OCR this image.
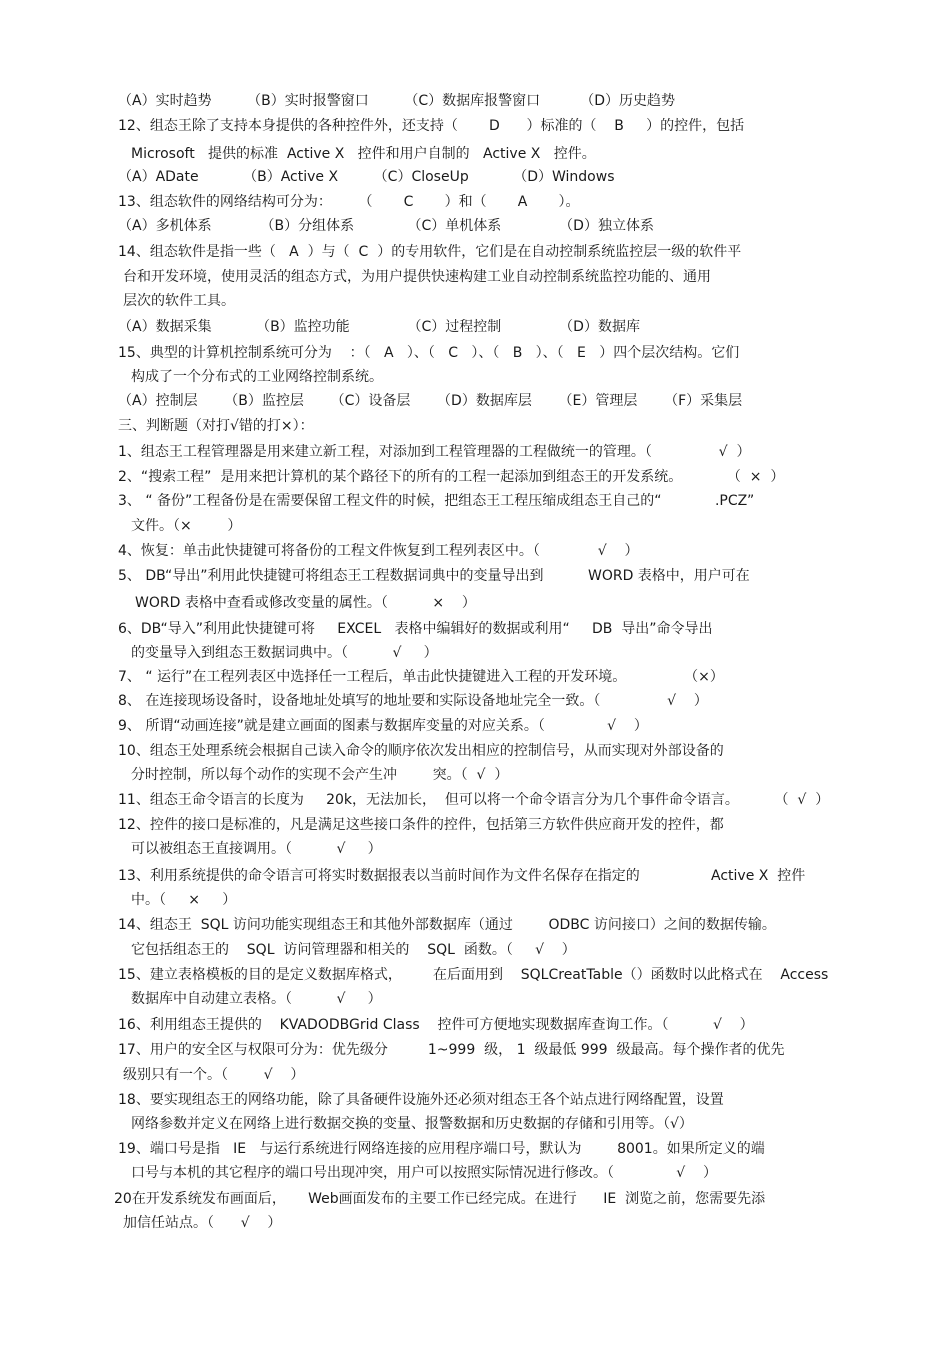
（A）实时趋势        （B）实时报警窗口        （C）数据库报警窗口         （D）历史趋势
12、组态王除了支持本身提供的各种控件外，还支持（       D      ）标准的（    B     ）的控件，包括
Microsoft   提供的标准  Active X   控件和用户自制的   Active X   控件。
（A）ADate          （B）Active X        （C）CloseUp          （D）Windows
13、组态软件的网络结构可分为：      （       C       ）和（       A       ）。
（A）多机体系           （B）分组体系            （C）单机体系             （D）独立体系
14、组态软件是指一些（   A  ）与（  C  ）的专用软件，它们是在自动控制系统监控层一级的软件平
台和开发环境，使用灵活的组态方式，为用户提供快速构建工业自动控制系统监控功能的、通用
层次的软件工具。
（A）数据采集          （B）监控功能             （C）过程控制             （D）数据库
15、典型的计算机控制系统可分为    ：（   A   ）、（   C   ）、（   B   ）、（   E   ）四个层次结构。它们
构成了一个分布式的工业网络控制系统。
（A）控制层      （B）监控层      （C）设备层      （D）数据库层      （E）管理层      （F）采集层
三、判断题（对打√错的打×）：
1、组态王工程管理器是用来建立新工程，对添加到工程管理器的工程做统一的管理。（               √  ）
2、“搜索工程”  是用来把计算机的某个路径下的所有的工程一起添加到组态王的开发系统。          （  ×  ）
3、 “ 备份”工程备份是在需要保留工程文件的时候，把组态王工程压缩成组态王自己的“            .PCZ”
文件。（×        ）
4、恢复：单击此快捷键可将备份的工程文件恢复到工程列表区中。（             √    ）
5、 DB“导出”利用此快捷键可将组态王工程数据词典中的变量导出到          WORD 表格中，用户可在
WORD 表格中查看或修改变量的属性。（          ×    ）
6、DB“导入”利用此快捷键可将     EXCEL   表格中编辑好的数据或利用“     DB  导出”命令导出
的变量导入到组态王数据词典中。（          √     ）
7、 “ 运行”在工程列表区中选择任一工程后，单击此快捷键进入工程的开发环境。             （×）
8、 在连接现场设备时，设备地址处填写的地址要和实际设备地址完全一致。（               √    ）
9、 所谓“动画连接”就是建立画面的图素与数据库变量的对应关系。（              √    ）
10、组态王处理系统会根据自己读入命令的顺序依次发出相应的控制信号，从而实现对外部设备的
分时控制，所以每个动作的实现不会产生冲        突。（  √  ）
11、组态王命令语言的长度为     20k，无法加长，  但可以将一个命令语言分为几个事件命令语言。        （  √  ）
12、控件的接口是标准的，凡是满足这些接口条件的控件，包括第三方软件供应商开发的控件，都
可以被组态王直接调用。（          √     ）
13、利用系统提供的命令语言可将实时数据报表以当前时间作为文件名保存在指定的                Active X  控件
中。（     ×     ）
14、组态王  SQL 访问功能实现组态王和其他外部数据库（通过        ODBC 访问接口）之间的数据传输。
它包括组态王的    SQL  访问管理器和相关的    SQL  函数。（     √    ）
15、建立表格模板的目的是定义数据库格式，       在后面用到    SQLCreatTable（）函数时以此格式在    Access
数据库中自动建立表格。（          √     ）
16、利用组态王提供的    KVADODBGrid Class    控件可方便地实现数据库查询工作。（          √    ）
17、用户的安全区与权限可分为：优先级分         1~999  级， 1  级最低 999  级最高。每个操作者的优先
级别只有一个。（        √    ）
18、要实现组态王的网络功能，除了具备硬件设施外还必须对组态王各个站点进行网络配置，设置
网络参数并定义在网络上进行数据交换的变量、报警数据和历史数据的存储和引用等。（√）
19、端口号是指   IE   与运行系统进行网络连接的应用程序端口号，默认为        8001。如果所定义的端
口号与本机的其它程序的端口号出现冲突，用户可以按照实际情况进行修改。（              √    ）
20在开发系统发布画面后，     Web画面发布的主要工作已经完成。在进行      IE  浏览之前，您需要先添
加信任站点。（      √    ）
